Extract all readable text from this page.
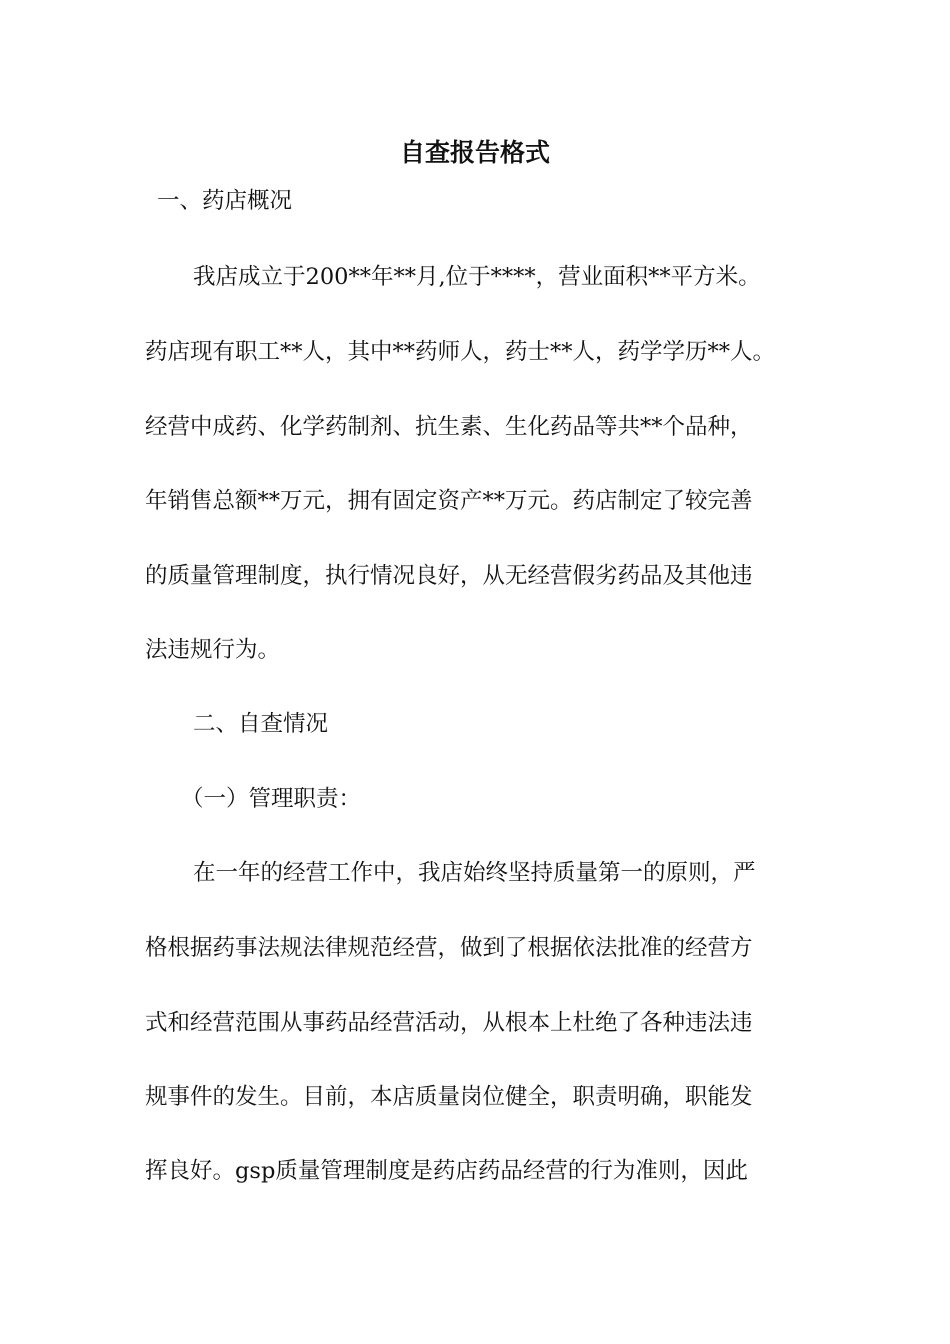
自查报告格式
一、药店概况
我店成立于200**年**月,位于****，营业面积**平方米。
药店现有职工**人，其中**药师人，药士**人，药学学历**人。
经营中成药、化学药制剂、抗生素、生化药品等共**个品种，
年销售总额**万元，拥有固定资产**万元。药店制定了较完善
的质量管理制度，执行情况良好，从无经营假劣药品及其他违
法违规行为。
二、自查情况
（一）管理职责：
在一年的经营工作中，我店始终坚持质量第一的原则，严
格根据药事法规法律规范经营，做到了根据依法批准的经营方
式和经营范围从事药品经营活动，从根本上杜绝了各种违法违
规事件的发生。目前，本店质量岗位健全，职责明确，职能发
挥良好。gsp质量管理制度是药店药品经营的行为准则，因此
